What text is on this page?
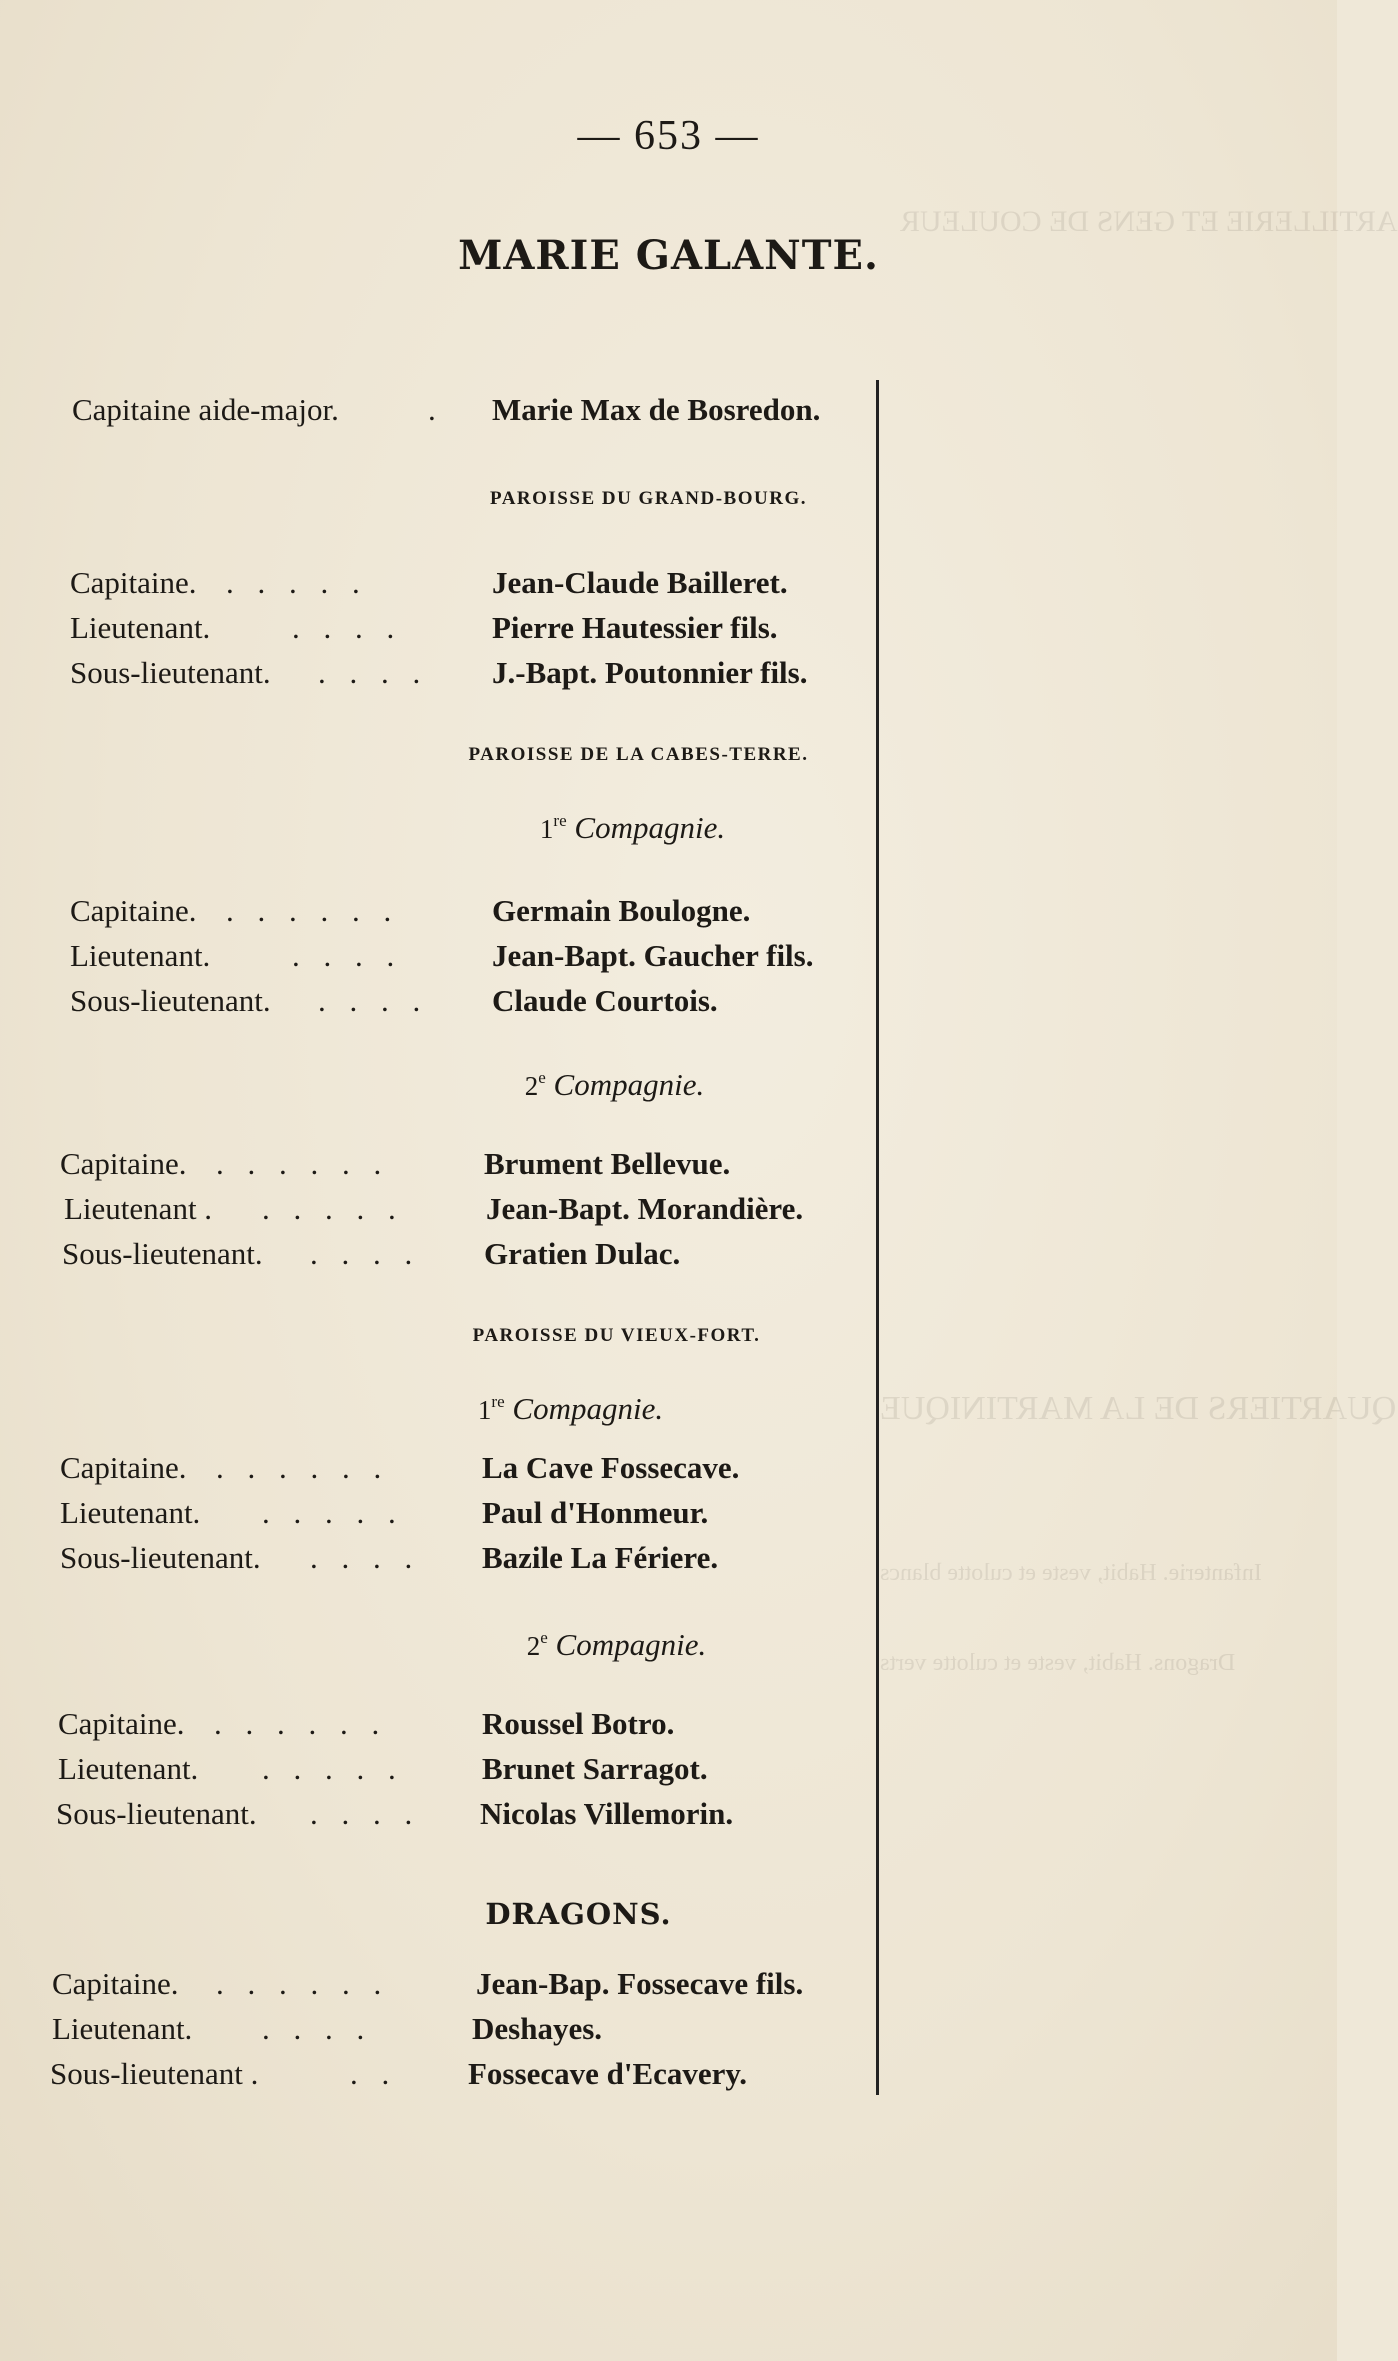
ARTILLERIE ET GENS DE COULEUR
QUARTIERS DE LA MARTINIQUE
Infanterie. Habit, veste et culotte blancs
Dragons. Habit, veste et culotte verts
— 653 —
MARIE GALANTE.
Capitaine aide-major.	. Marie Max de Bosredon.
PAROISSE DU GRAND-BOURG.
Capitaine. . . . . .	Jean-Claude Bailleret.
Lieutenant.	. . . .	Pierre Hautessier fils.
Sous-lieutenant. . . . . J.-Bapt. Poutonnier fils.
PAROISSE DE LA CABES-TERRE.
1re Compagnie.
Capitaine. . . . . . .	Germain Boulogne.
Lieutenant.	. . . .	Jean-Bapt. Gaucher fils.
Sous-lieutenant. . . . . Claude Courtois.
2e Compagnie.
Capitaine. . . . . . .	Brument Bellevue.
Lieutenant . . . . . .	Jean-Bapt. Morandière.
Sous-lieutenant. . . . . Gratien Dulac.
PAROISSE DU VIEUX-FORT.
1re Compagnie.
Capitaine. . . . . . .	La Cave Fossecave.
Lieutenant. . . . . .	Paul d'Honmeur.
Sous-lieutenant. . . . . Bazile La Fériere.
2e Compagnie.
Capitaine. . . . . . .	Roussel Botro.
Lieutenant. . . . . .	Brunet Sarragot.
Sous-lieutenant. . . . . Nicolas Villemorin.
DRAGONS.
Capitaine. . . . . . .	Jean-Bap. Fossecave fils.
Lieutenant. . . . .	Deshayes.
Sous-lieutenant .	. . Fossecave d'Ecavery.
